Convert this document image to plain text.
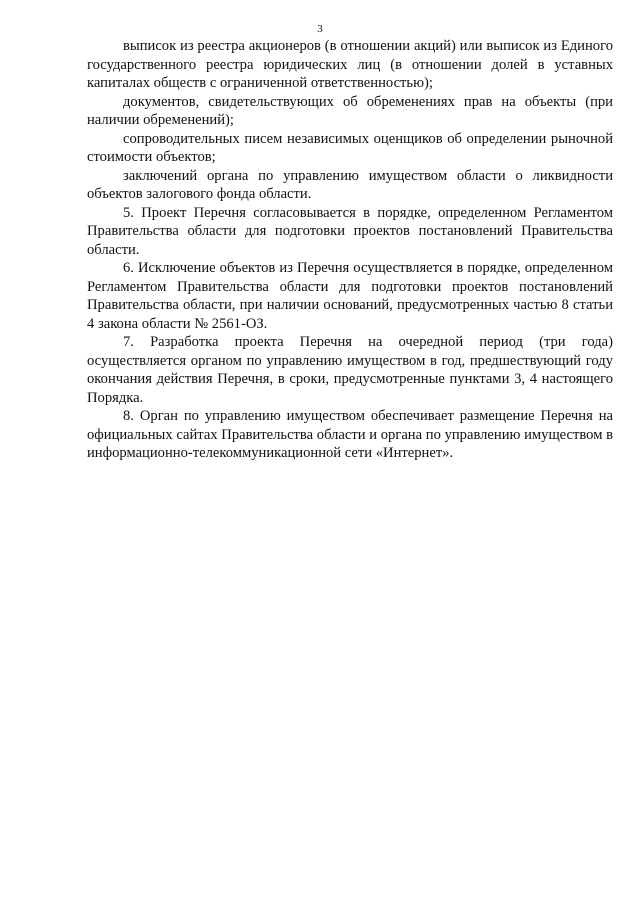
3

выписок из реестра акционеров (в отношении акций) или выписок из Единого государственного реестра юридических лиц (в отношении долей в уставных капиталах обществ с ограниченной ответственностью);

документов, свидетельствующих об обременениях прав на объекты (при наличии обременений);

сопроводительных писем независимых оценщиков об определении рыночной стоимости объектов;

заключений органа по управлению имуществом области о ликвидности объектов залогового фонда области.

5. Проект Перечня согласовывается в порядке, определенном Регламентом Правительства области для подготовки проектов постановлений Правительства области.

6. Исключение объектов из Перечня осуществляется в порядке, определенном Регламентом Правительства области для подготовки проектов постановлений Правительства области, при наличии оснований, предусмотренных частью 8 статьи 4 закона области № 2561-ОЗ.

7. Разработка проекта Перечня на очередной период (три года) осуществляется органом по управлению имуществом в год, предшествующий году окончания действия Перечня, в сроки, предусмотренные пунктами 3, 4 настоящего Порядка.

8. Орган по управлению имуществом обеспечивает размещение Перечня на официальных сайтах Правительства области и органа по управлению имуществом в информационно-телекоммуникационной сети «Интернет».
